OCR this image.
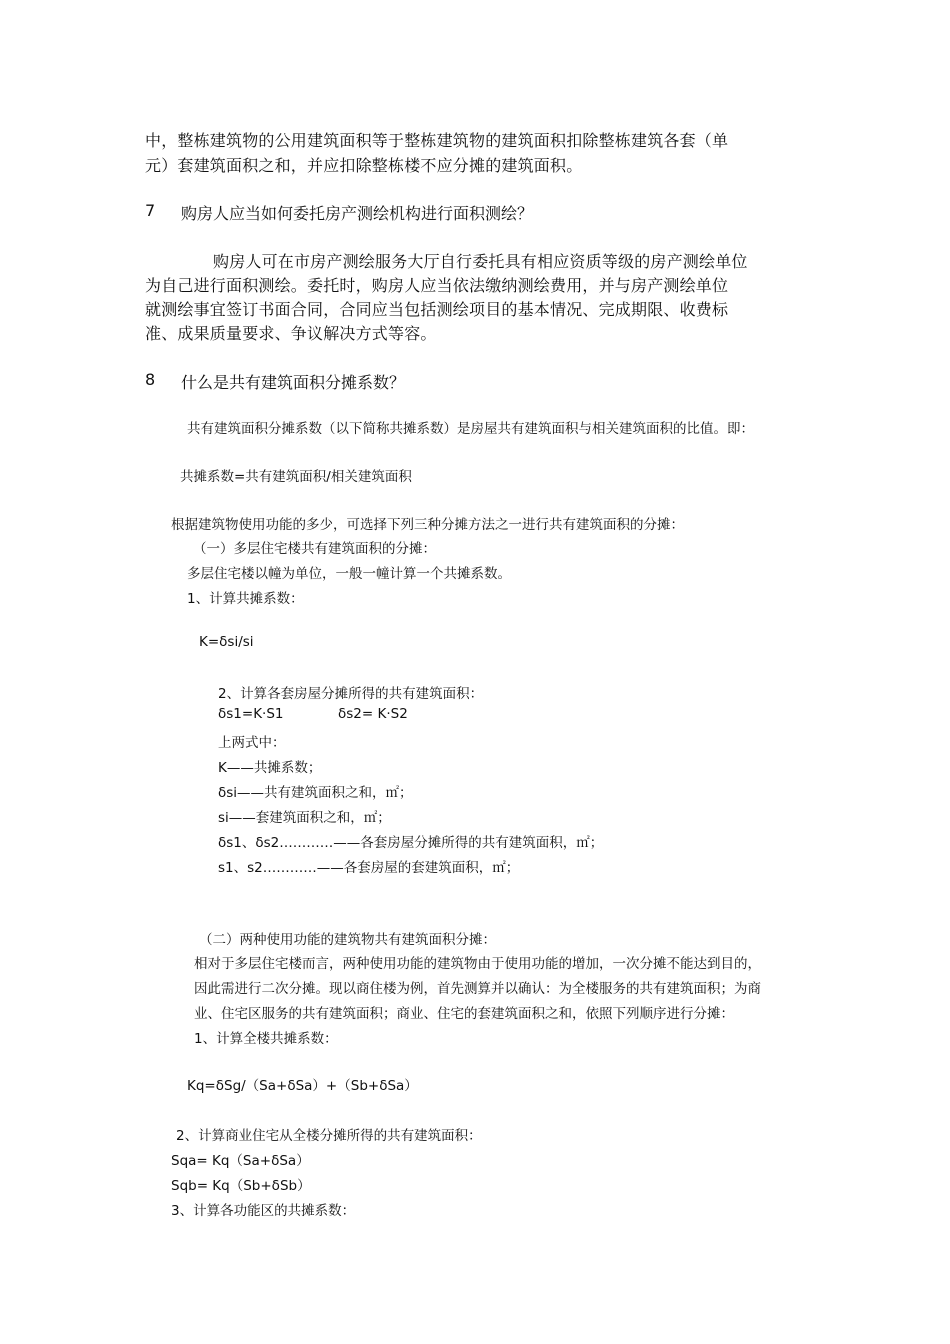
中，整栋建筑物的公用建筑面积等于整栋建筑物的建筑面积扣除整栋建筑各套（单
元）套建筑面积之和，并应扣除整栋楼不应分摊的建筑面积。
7 购房人应当如何委托房产测绘机构进行面积测绘？
购房人可在市房产测绘服务大厅自行委托具有相应资质等级的房产测绘单位
为自己进行面积测绘。委托时，购房人应当依法缴纳测绘费用，并与房产测绘单位
就测绘事宜签订书面合同，合同应当包括测绘项目的基本情况、完成期限、收费标
准、成果质量要求、争议解决方式等容。
8 什么是共有建筑面积分摊系数？
共有建筑面积分摊系数（以下简称共摊系数）是房屋共有建筑面积与相关建筑面积的比值。即：
共摊系数=共有建筑面积/相关建筑面积
根据建筑物使用功能的多少，可选择下列三种分摊方法之一进行共有建筑面积的分摊：
（一）多层住宅楼共有建筑面积的分摊：
多层住宅楼以幢为单位，一般一幢计算一个共摊系数。
1、计算共摊系数：
K=δsi/si
2、计算各套房屋分摊所得的共有建筑面积：
δs1=K·S1	δs2= K·S2
上两式中：
K——共摊系数；
δsi——共有建筑面积之和，㎡；
si——套建筑面积之和，㎡；
δs1、δs2…………——各套房屋分摊所得的共有建筑面积，㎡；
s1、s2…………——各套房屋的套建筑面积，㎡；
（二）两种使用功能的建筑物共有建筑面积分摊：
相对于多层住宅楼而言，两种使用功能的建筑物由于使用功能的增加，一次分摊不能达到目的，
因此需进行二次分摊。现以商住楼为例，首先测算并以确认：为全楼服务的共有建筑面积；为商
业、住宅区服务的共有建筑面积；商业、住宅的套建筑面积之和，依照下列顺序进行分摊：
1、计算全楼共摊系数：
Kq=δSg/（Sa+δSa）+（Sb+δSa）
2、计算商业住宅从全楼分摊所得的共有建筑面积：
Sqa= Kq（Sa+δSa）
Sqb= Kq（Sb+δSb）
3、计算各功能区的共摊系数：
